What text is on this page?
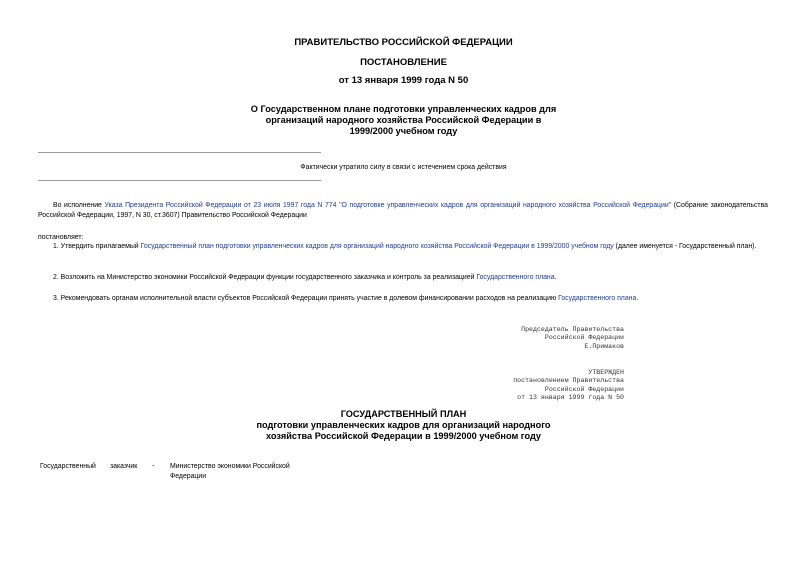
ПРАВИТЕЛЬСТВО РОССИЙСКОЙ ФЕДЕРАЦИИ
ПОСТАНОВЛЕНИЕ
от 13 января 1999 года N 50
О Государственном плане подготовки управленческих кадров для
организаций народного хозяйства Российской Федерации в
1999/2000 учебном году
Фактически утратило силу в связи с истечением срока действия
Во исполнение Указа Президента Российской Федерации от 23 июля 1997 года N 774 "О подготовке управленческих кадров для организаций народного хозяйства Российской Федерации" (Собрание законодательства Российской Федерации, 1997, N 30, ст.3607) Правительство Российской Федерации
постановляет:
1. Утвердить прилагаемый Государственный план подготовки управленческих кадров для организаций народного хозяйства Российской Федерации в 1999/2000 учебном году (далее именуется - Государственный план).
2. Возложить на Министерство экономики Российской Федерации функции государственного заказчика и контроль за реализацией Государственного плана.
3. Рекомендовать органам исполнительной власти субъектов Российской Федерации принять участие в долевом финансировании расходов на реализацию Государственного плана.
Председатель Правительства
Российской Федерации
Е.Примаков
УТВЕРЖДЕН
постановлением Правительства
Российской Федерации
от 13 января 1999 года N 50
ГОСУДАРСТВЕННЫЙ ПЛАН
подготовки управленческих кадров для организаций народного
хозяйства Российской Федерации в 1999/2000 учебном году
Государственный заказчик - Министерство экономики Российской
Федерации
